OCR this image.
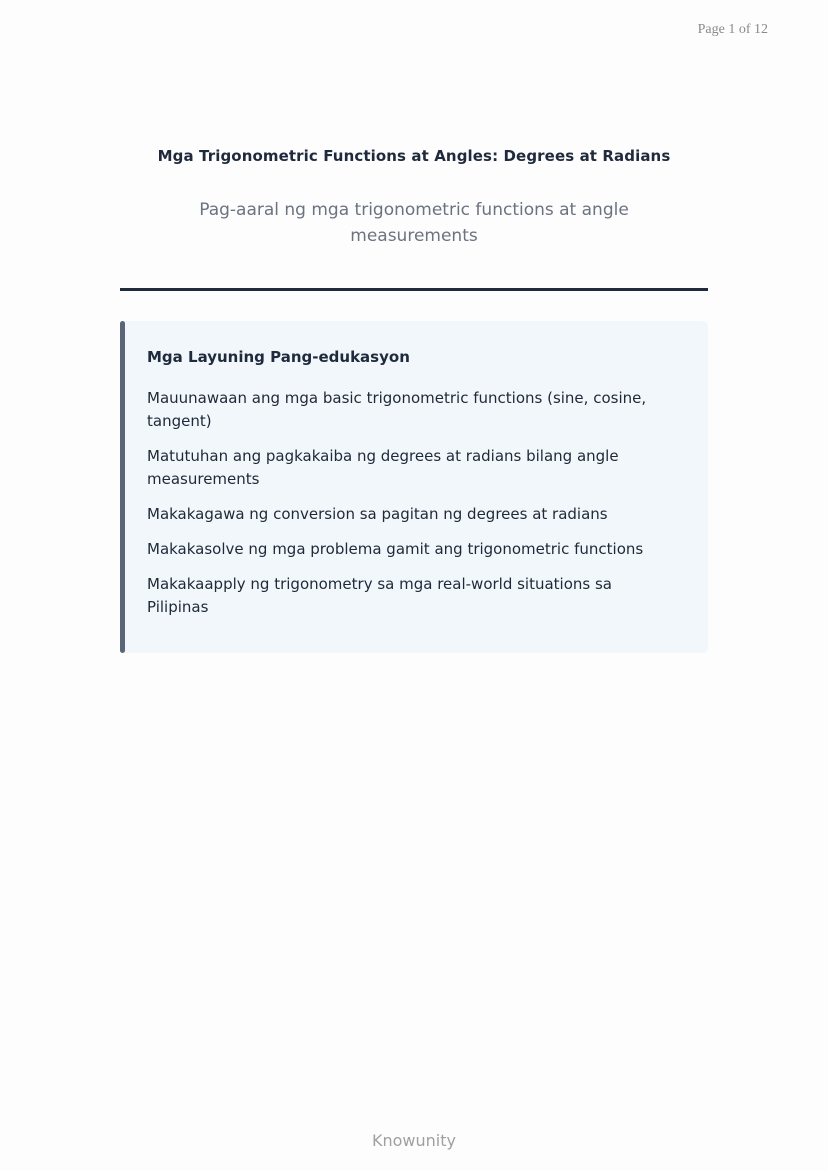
Page 1 of 12
Mga Trigonometric Functions at Angles: Degrees at Radians
Pag-aaral ng mga trigonometric functions at angle measurements
Mga Layuning Pang-edukasyon
Mauunawaan ang mga basic trigonometric functions (sine, cosine, tangent)
Matutuhan ang pagkakaiba ng degrees at radians bilang angle measurements
Makakagawa ng conversion sa pagitan ng degrees at radians
Makakasolve ng mga problema gamit ang trigonometric functions
Makakaapply ng trigonometry sa mga real-world situations sa Pilipinas
Knowunity
